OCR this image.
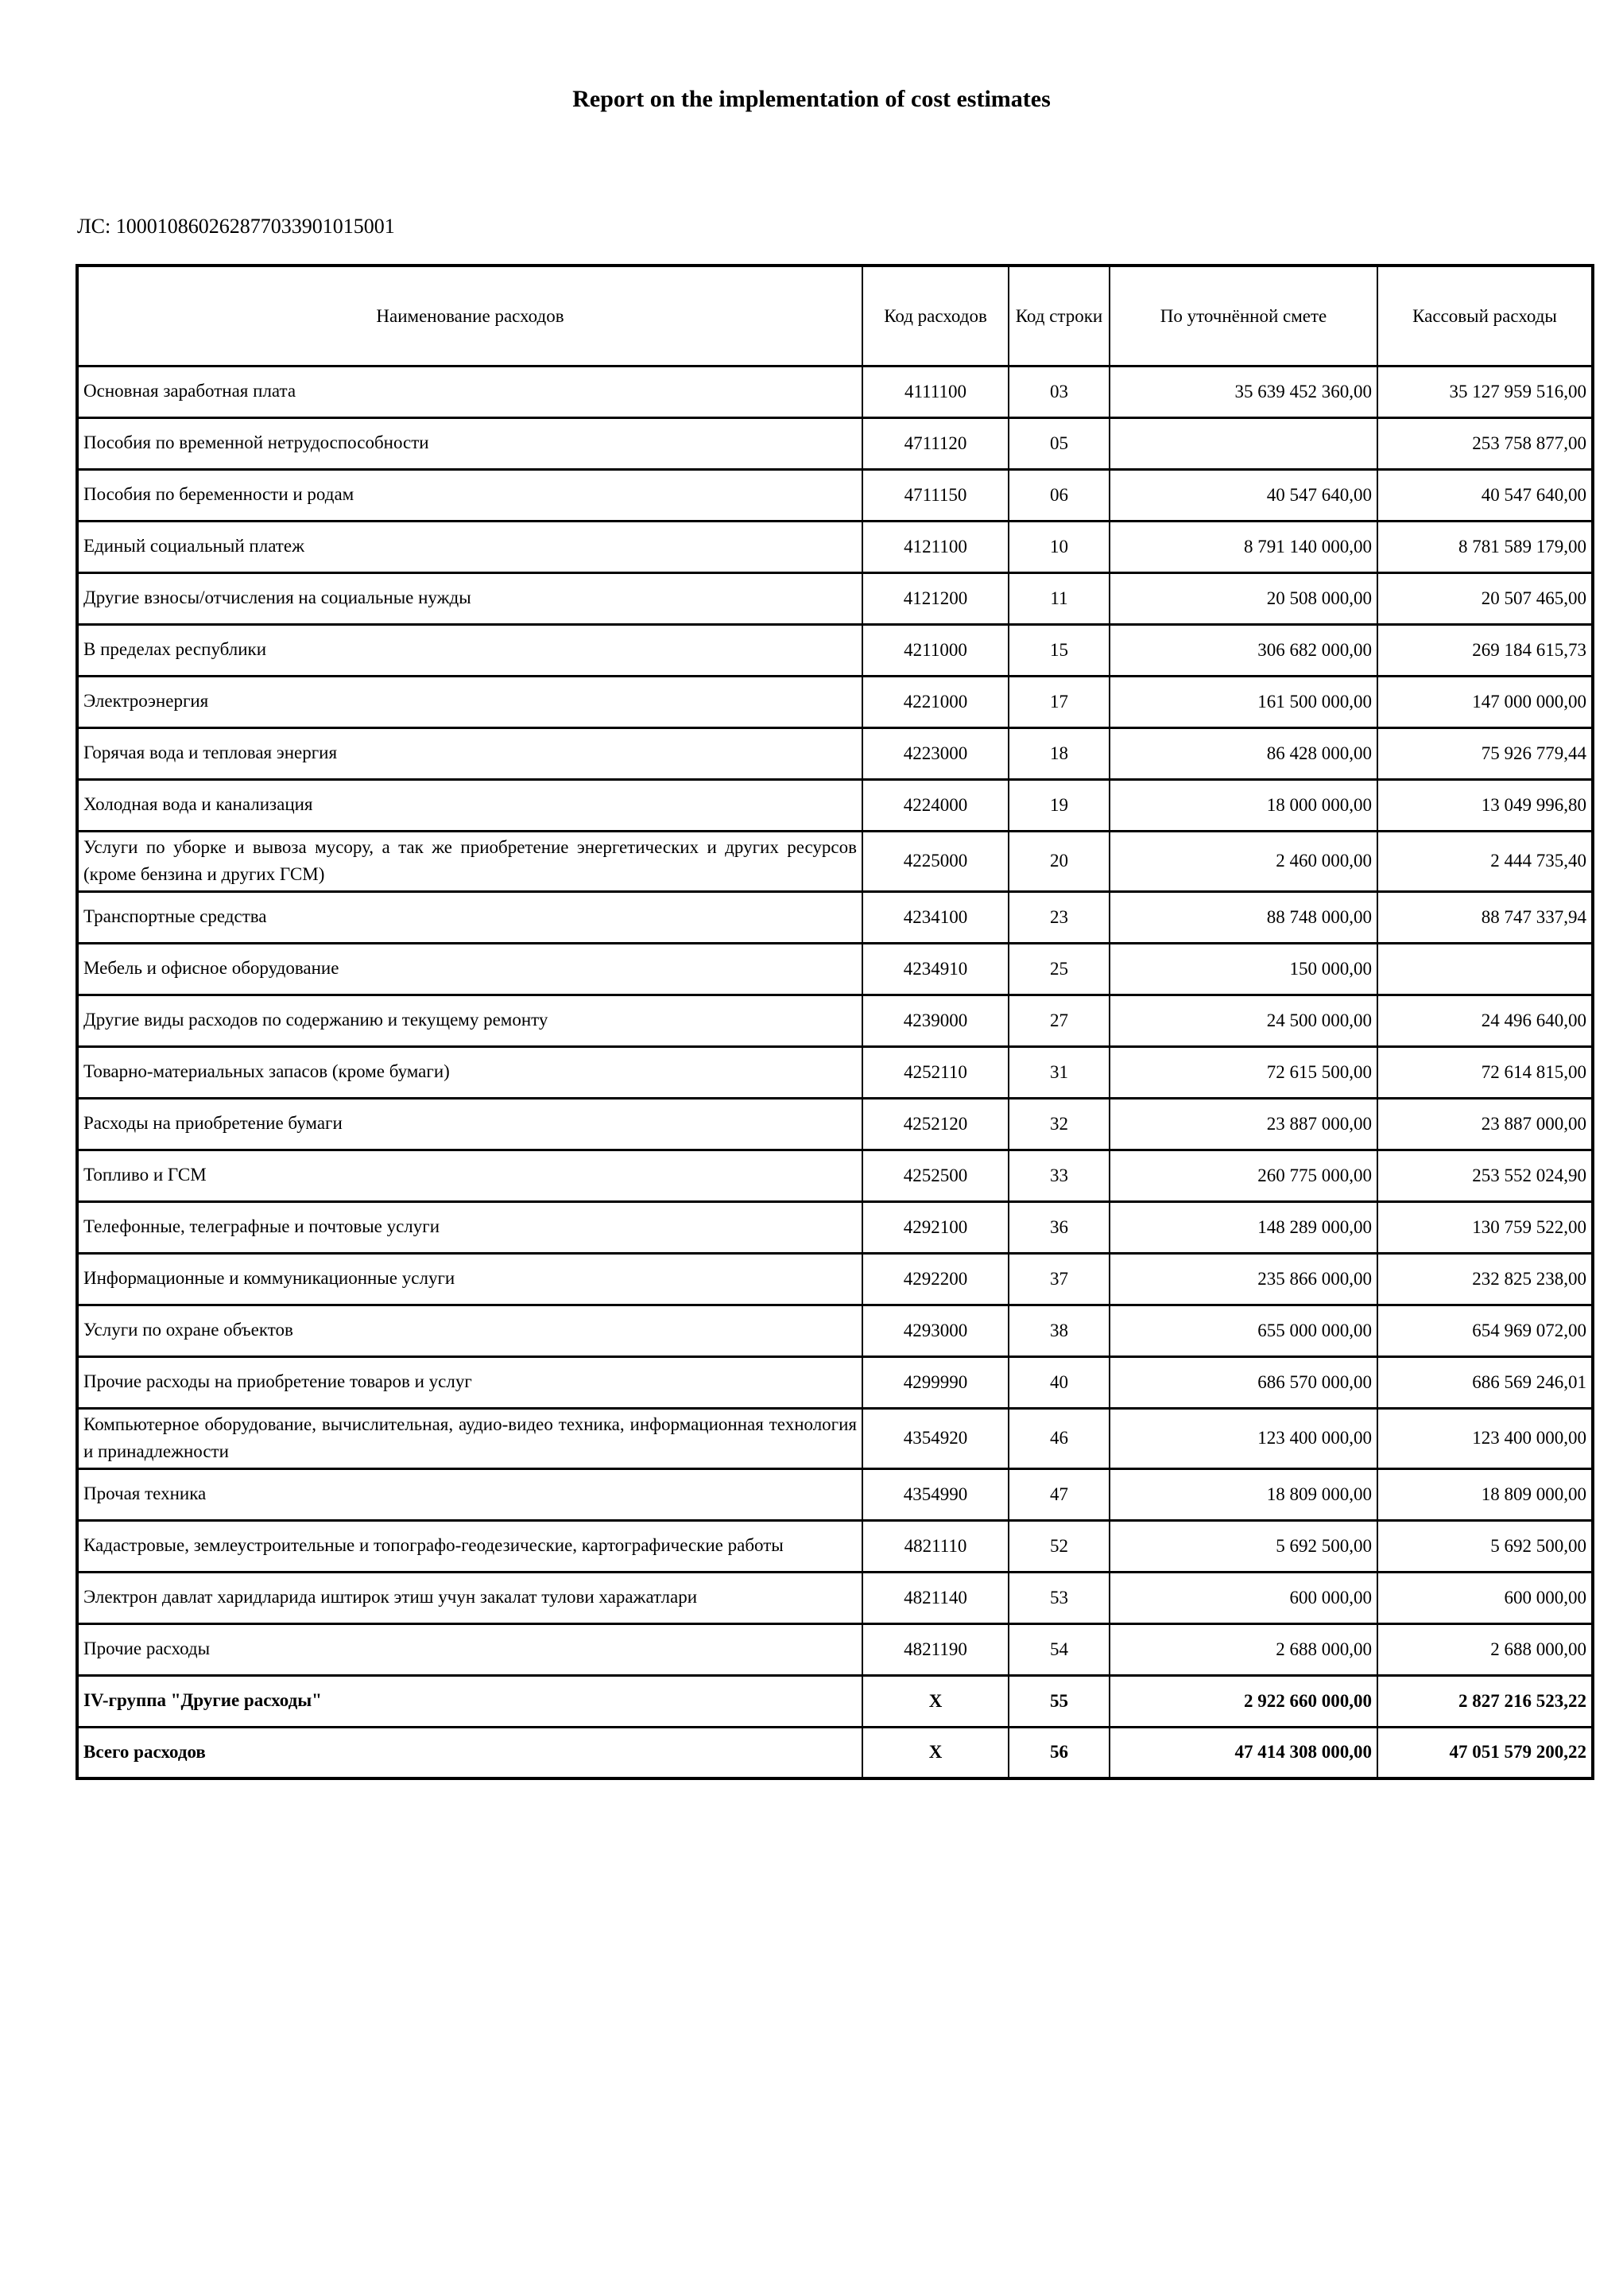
Report on the implementation of cost estimates
ЛС: 100010860262877033901015001
Наименование расходов	Код расходов	Код строки	По уточнённой смете	Кассовый расходы
Основная заработная плата	4111100	03	35 639 452 360,00	35 127 959 516,00
Пособия по временной нетрудоспособности	4711120	05		253 758 877,00
Пособия по беременности и родам	4711150	06	40 547 640,00	40 547 640,00
Единый социальный платеж	4121100	10	8 791 140 000,00	8 781 589 179,00
Другие взносы/отчисления на социальные нужды	4121200	11	20 508 000,00	20 507 465,00
В пределах республики	4211000	15	306 682 000,00	269 184 615,73
Электроэнергия	4221000	17	161 500 000,00	147 000 000,00
Горячая вода и тепловая энергия	4223000	18	86 428 000,00	75 926 779,44
Холодная вода и канализация	4224000	19	18 000 000,00	13 049 996,80
Услуги по уборке и вывоза мусору, а так же приобретение энергетических и других ресурсов (кроме бензина и других ГСМ)	4225000	20	2 460 000,00	2 444 735,40
Транспортные средства	4234100	23	88 748 000,00	88 747 337,94
Мебель и офисное оборудование	4234910	25	150 000,00	
Другие виды расходов по содержанию и текущему ремонту	4239000	27	24 500 000,00	24 496 640,00
Товарно-материальных запасов (кроме бумаги)	4252110	31	72 615 500,00	72 614 815,00
Расходы на приобретение бумаги	4252120	32	23 887 000,00	23 887 000,00
Топливо и ГСМ	4252500	33	260 775 000,00	253 552 024,90
Телефонные, телеграфные и почтовые услуги	4292100	36	148 289 000,00	130 759 522,00
Информационные и коммуникационные услуги	4292200	37	235 866 000,00	232 825 238,00
Услуги по охране объектов	4293000	38	655 000 000,00	654 969 072,00
Прочие расходы на приобретение товаров и услуг	4299990	40	686 570 000,00	686 569 246,01
Компьютерное оборудование, вычислительная, аудио-видео техника, информационная технология и принадлежности	4354920	46	123 400 000,00	123 400 000,00
Прочая техника	4354990	47	18 809 000,00	18 809 000,00
Кадастровые, землеустроительные и топографо-геодезические, картографические работы	4821110	52	5 692 500,00	5 692 500,00
Электрон давлат харидларида иштирок этиш учун закалат тулови харажатлари	4821140	53	600 000,00	600 000,00
Прочие расходы	4821190	54	2 688 000,00	2 688 000,00
IV-группа "Другие расходы"	X	55	2 922 660 000,00	2 827 216 523,22
Всего расходов	X	56	47 414 308 000,00	47 051 579 200,22
